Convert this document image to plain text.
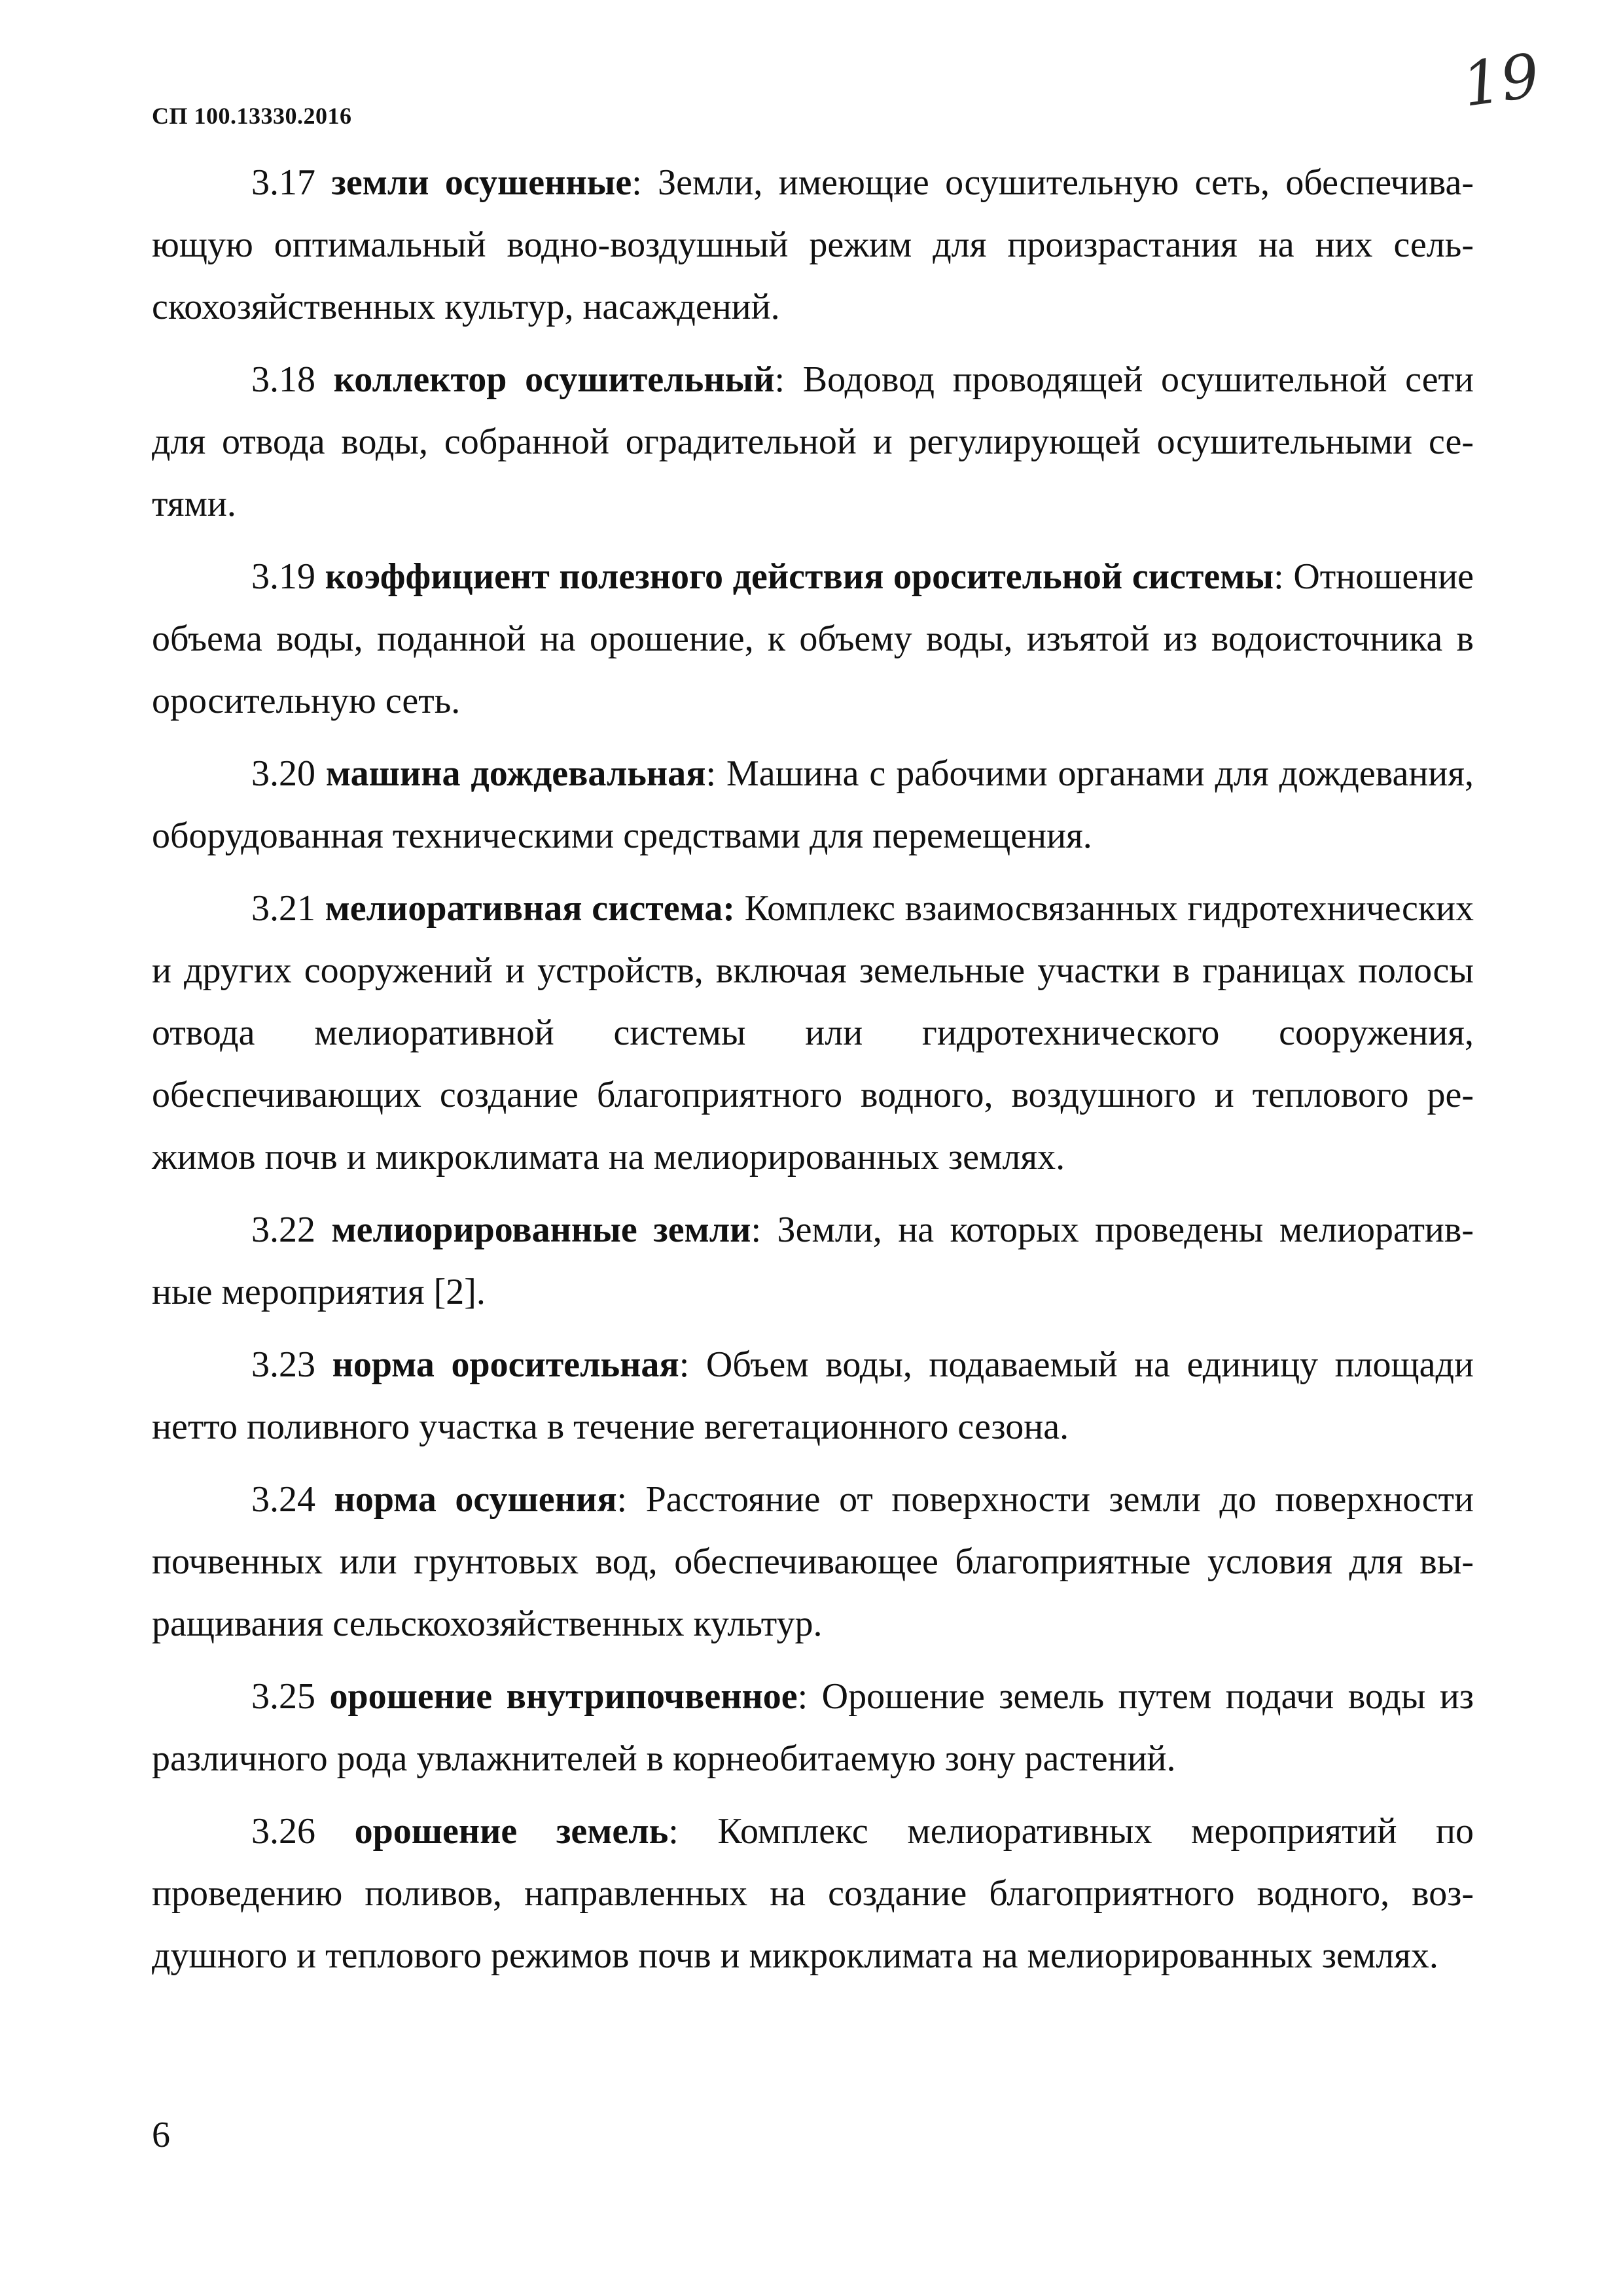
СП 100.13330.2016	19

3.17 земли осушенные: Земли, имеющие осушительную сеть, обеспечивающую оптимальный водно-воздушный режим для произрастания на них сельскохозяйственных культур, насаждений.

3.18 коллектор осушительный: Водовод проводящей осушительной сети для отвода воды, собранной оградительной и регулирующей осушительными сетями.

3.19 коэффициент полезного действия оросительной системы: Отношение объема воды, поданной на орошение, к объему воды, изъятой из водоисточника в оросительную сеть.

3.20 машина дождевальная: Машина с рабочими органами для дождевания, оборудованная техническими средствами для перемещения.

3.21 мелиоративная система: Комплекс взаимосвязанных гидротехнических и других сооружений и устройств, включая земельные участки в границах полосы отвода мелиоративной системы или гидротехнического сооружения, обеспечивающих создание благоприятного водного, воздушного и теплового режимов почв и микроклимата на мелиорированных землях.

3.22 мелиорированные земли: Земли, на которых проведены мелиоративные мероприятия [2].

3.23 норма оросительная: Объем воды, подаваемый на единицу площади нетто поливного участка в течение вегетационного сезона.

3.24 норма осушения: Расстояние от поверхности земли до поверхности почвенных или грунтовых вод, обеспечивающее благоприятные условия для выращивания сельскохозяйственных культур.

3.25 орошение внутрипочвенное: Орошение земель путем подачи воды из различного рода увлажнителей в корнеобитаемую зону растений.

3.26 орошение земель: Комплекс мелиоративных мероприятий по проведению поливов, направленных на создание благоприятного водного, воздушного и теплового режимов почв и микроклимата на мелиорированных землях.

6
